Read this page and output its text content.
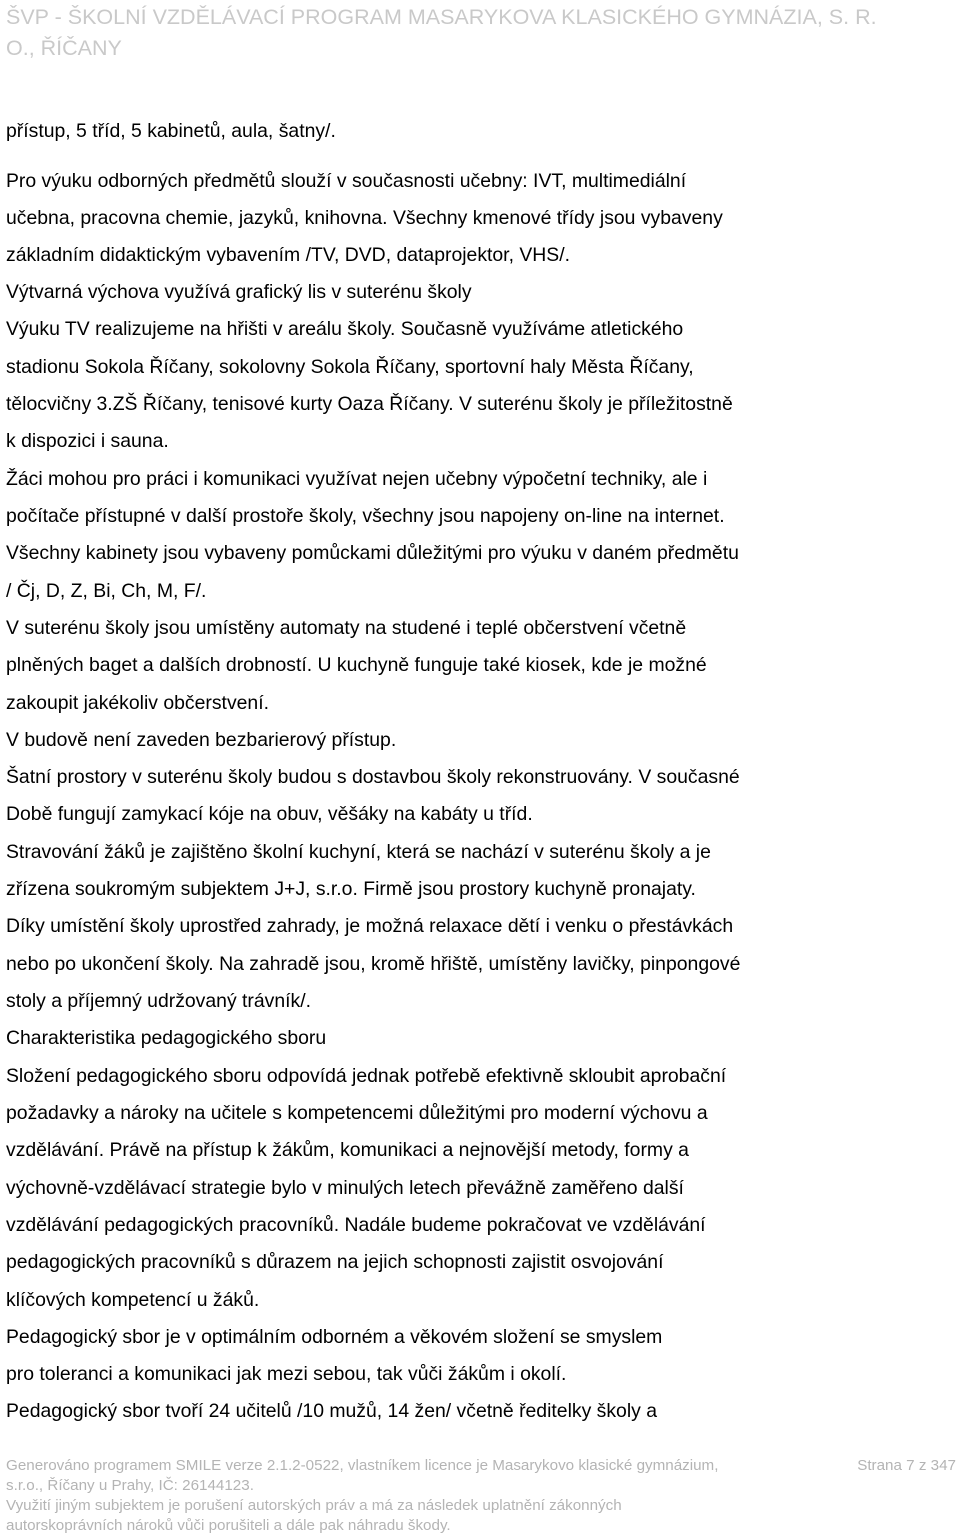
ŠVP - ŠKOLNÍ VZDĚLÁVACÍ PROGRAM MASARYKOVA KLASICKÉHO GYMNÁZIA, S. R.
O., ŘÍČANY
přístup, 5 tříd, 5 kabinetů, aula, šatny/.
Pro výuku odborných předmětů slouží v současnosti učebny: IVT, multimediální
učebna, pracovna chemie, jazyků, knihovna. Všechny kmenové třídy jsou vybaveny
základním didaktickým vybavením /TV, DVD, dataprojektor, VHS/.
Výtvarná výchova využívá grafický lis v suterénu školy
Výuku TV realizujeme na hřišti v areálu školy. Současně využíváme atletického
stadionu Sokola Říčany, sokolovny Sokola Říčany, sportovní haly Města Říčany,
tělocvičny 3.ZŠ Říčany, tenisové kurty Oaza Říčany. V suterénu školy je příležitostně
k dispozici i sauna.
Žáci mohou pro práci i komunikaci využívat nejen učebny výpočetní techniky, ale i
počítače přístupné v další prostoře školy, všechny jsou napojeny on-line na internet.
Všechny kabinety jsou vybaveny pomůckami důležitými pro výuku v daném předmětu
/ Čj, D, Z, Bi, Ch, M, F/.
V suterénu školy jsou umístěny automaty na studené i teplé občerstvení včetně
plněných baget a dalších drobností. U kuchyně funguje také kiosek, kde je možné
zakoupit jakékoliv občerstvení.
V budově není zaveden bezbarierový přístup.
Šatní prostory v suterénu školy budou s dostavbou školy rekonstruovány. V současné
Době fungují zamykací kóje na obuv, věšáky na kabáty u tříd.
Stravování žáků je zajištěno školní kuchyní, která se nachází v suterénu školy a je
zřízena soukromým subjektem J+J, s.r.o. Firmě jsou prostory kuchyně pronajaty.
Díky umístění školy uprostřed zahrady, je možná relaxace dětí i venku o přestávkách
nebo po ukončení školy. Na zahradě jsou, kromě hřiště, umístěny lavičky, pinpongové
stoly a příjemný udržovaný trávník/.
Charakteristika pedagogického sboru
Složení pedagogického sboru odpovídá jednak potřebě efektivně skloubit aprobační
požadavky a nároky na učitele s kompetencemi důležitými pro moderní výchovu a
vzdělávání. Právě na přístup k žákům, komunikaci a nejnovější metody, formy a
výchovně-vzdělávací strategie bylo v minulých letech převážně zaměřeno další
vzdělávání pedagogických pracovníků. Nadále budeme pokračovat ve vzdělávání
pedagogických pracovníků s důrazem na jejich schopnosti zajistit osvojování
klíčových kompetencí u žáků.
Pedagogický sbor je v optimálním odborném a věkovém složení se smyslem
pro toleranci a komunikaci jak mezi sebou, tak vůči žákům i okolí.
Pedagogický sbor tvoří 24 učitelů /10 mužů, 14 žen/ včetně ředitelky školy a
Generováno programem SMILE verze 2.1.2-0522, vlastníkem licence je Masarykovo klasické gymnázium,	Strana 7 z 347
s.r.o., Říčany u Prahy, IČ: 26144123.
Využití jiným subjektem je porušení autorských práv a má za následek uplatnění zákonných
autorskoprávních nároků vůči porušiteli a dále pak náhradu škody.
